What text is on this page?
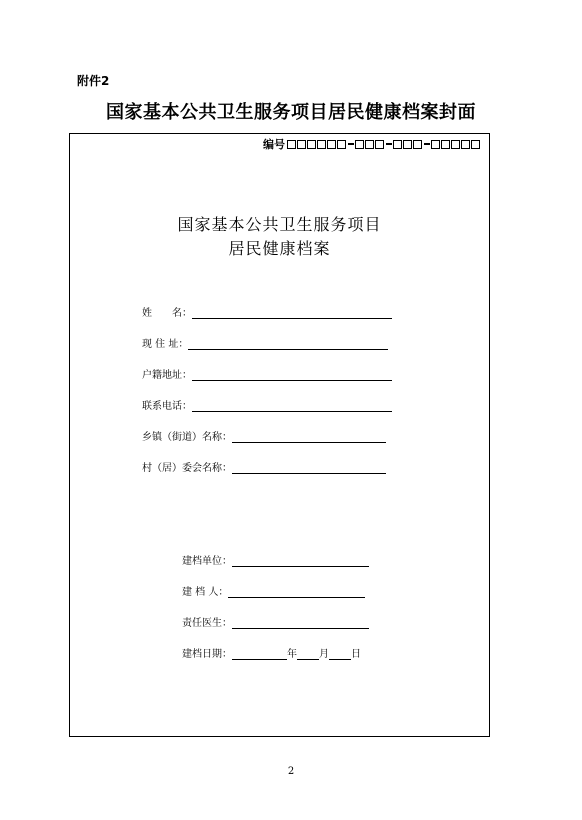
附件2
国家基本公共卫生服务项目居民健康档案封面
编号
国家基本公共卫生服务项目
居民健康档案
姓　　名：
现 住 址：
户籍地址：
联系电话：
乡镇（街道）名称：
村（居）委会名称：
建档单位：
建 档 人：
责任医生：
建档日期：	年 月 日
2
